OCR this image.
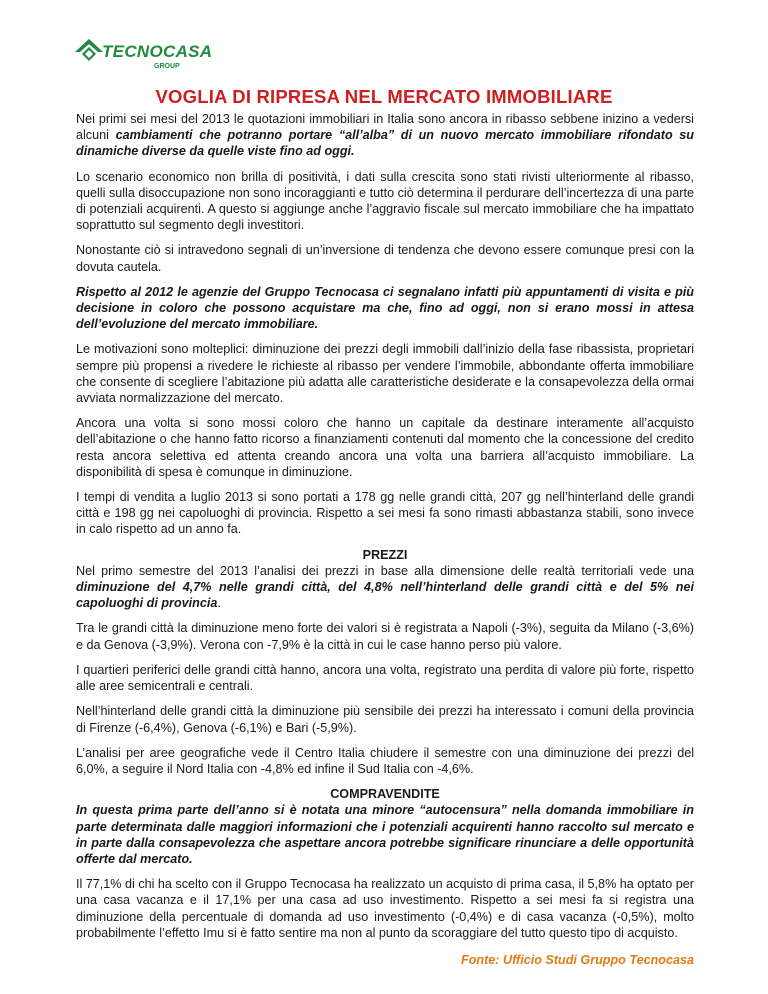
TECNOCASA
GROUP
VOGLIA DI RIPRESA NEL MERCATO IMMOBILIARE

Nei primi sei mesi del 2013 le quotazioni immobiliari in Italia sono ancora in ribasso sebbene inizino a vedersi alcuni cambiamenti che potranno portare “all’alba” di un nuovo mercato immobiliare rifondato su dinamiche diverse da quelle viste fino ad oggi.

Lo scenario economico non brilla di positività, i dati sulla crescita sono stati rivisti ulteriormente al ribasso, quelli sulla disoccupazione non sono incoraggianti e tutto ciò determina il perdurare dell’incertezza di una parte di potenziali acquirenti. A questo si aggiunge anche l’aggravio fiscale sul mercato immobiliare che ha impattato soprattutto sul segmento degli investitori.

Nonostante ciò si intravedono segnali di un’inversione di tendenza che devono essere comunque presi con la dovuta cautela.

Rispetto al 2012 le agenzie del Gruppo Tecnocasa ci segnalano infatti più appuntamenti di visita e più decisione in coloro che possono acquistare ma che, fino ad oggi, non si erano mossi in attesa dell’evoluzione del mercato immobiliare.

Le motivazioni sono molteplici: diminuzione dei prezzi degli immobili dall’inizio della fase ribassista, proprietari sempre più propensi a rivedere le richieste al ribasso per vendere l’immobile, abbondante offerta immobiliare che consente di scegliere l’abitazione più adatta alle caratteristiche desiderate e la consapevolezza della ormai avviata normalizzazione del mercato.

Ancora una volta si sono mossi coloro che hanno un capitale da destinare interamente all’acquisto dell’abitazione o che hanno fatto ricorso a finanziamenti contenuti dal momento che la concessione del credito resta ancora selettiva ed attenta creando ancora una volta una barriera all’acquisto immobiliare. La disponibilità di spesa è comunque in diminuzione.

I tempi di vendita a luglio 2013 si sono portati a 178 gg nelle grandi città, 207 gg nell’hinterland delle grandi città e 198 gg nei capoluoghi di provincia. Rispetto a sei mesi fa sono rimasti abbastanza stabili, sono invece in calo rispetto ad un anno fa.

PREZZI

Nel primo semestre del 2013 l’analisi dei prezzi in base alla dimensione delle realtà territoriali vede una diminuzione del 4,7% nelle grandi città, del 4,8% nell’hinterland delle grandi città e del 5% nei capoluoghi di provincia.

Tra le grandi città la diminuzione meno forte dei valori si è registrata a Napoli (-3%), seguita da Milano (-3,6%) e da Genova (-3,9%). Verona con -7,9% è la città in cui le case hanno perso più valore.

I quartieri periferici delle grandi città hanno, ancora una volta, registrato una perdita di valore più forte, rispetto alle aree semicentrali e centrali.

Nell’hinterland delle grandi città la diminuzione più sensibile dei prezzi ha interessato i comuni della provincia di Firenze (-6,4%), Genova (-6,1%) e Bari (-5,9%).

L’analisi per aree geografiche vede il Centro Italia chiudere il semestre con una diminuzione dei prezzi del 6,0%, a seguire il Nord Italia con -4,8% ed infine il Sud Italia con -4,6%.

COMPRAVENDITE

In questa prima parte dell’anno si è notata una minore “autocensura” nella domanda immobiliare in parte determinata dalle maggiori informazioni che i potenziali acquirenti hanno raccolto sul mercato e in parte dalla consapevolezza che aspettare ancora potrebbe significare rinunciare a delle opportunità offerte dal mercato.

Il 77,1% di chi ha scelto con il Gruppo Tecnocasa ha realizzato un acquisto di prima casa, il 5,8% ha optato per una casa vacanza e il 17,1% per una casa ad uso investimento. Rispetto a sei mesi fa si registra una diminuzione della percentuale di domanda ad uso investimento (-0,4%) e di casa vacanza (-0,5%), molto probabilmente l’effetto Imu si è fatto sentire ma non al punto da scoraggiare del tutto questo tipo di acquisto.

Fonte: Ufficio Studi Gruppo Tecnocasa
